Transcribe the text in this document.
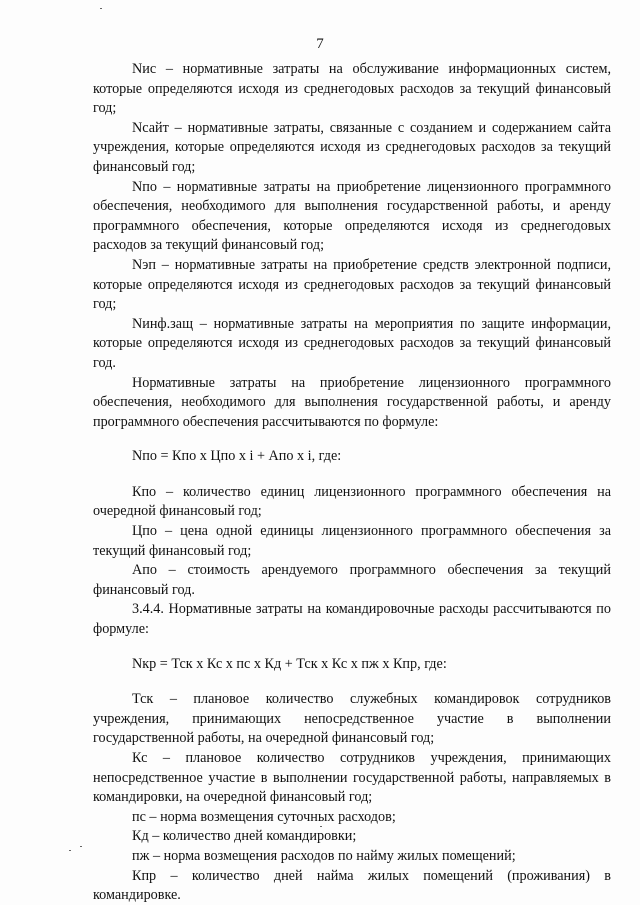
7

Nис – нормативные затраты на обслуживание информационных систем, которые определяются исходя из среднегодовых расходов за текущий финансовый год;

Nсайт – нормативные затраты, связанные с созданием и содержанием сайта учреждения, которые определяются исходя из среднегодовых расходов за текущий финансовый год;

Nпо – нормативные затраты на приобретение лицензионного программного обеспечения, необходимого для выполнения государственной работы, и аренду программного обеспечения, которые определяются исходя из среднегодовых расходов за текущий финансовый год;

Nэп – нормативные затраты на приобретение средств электронной подписи, которые определяются исходя из среднегодовых расходов за текущий финансовый год;

Nинф.защ – нормативные затраты на мероприятия по защите информации, которые определяются исходя из среднегодовых расходов за текущий финансовый год.

Нормативные затраты на приобретение лицензионного программного обеспечения, необходимого для выполнения государственной работы, и аренду программного обеспечения рассчитываются по формуле:

Nпо = Кпо x Цпо x i + Апо x i, где:

Кпо – количество единиц лицензионного программного обеспечения на очередной финансовый год;

Цпо – цена одной единицы лицензионного программного обеспечения за текущий финансовый год;

Апо – стоимость арендуемого программного обеспечения за текущий финансовый год.

3.4.4. Нормативные затраты на командировочные расходы рассчитываются по формуле:

Nкр = Тск x Кс x пс x Кд + Тск x Кс x пж x Кпр, где:

Тск – плановое количество служебных командировок сотрудников учреждения, принимающих непосредственное участие в выполнении государственной работы, на очередной финансовый год;

Кс – плановое количество сотрудников учреждения, принимающих непосредственное участие в выполнении государственной работы, направляемых в командировки, на очередной финансовый год;

пс – норма возмещения суточных расходов;

Кд – количество дней командировки;

пж – норма возмещения расходов по найму жилых помещений;

Кпр – количество дней найма жилых помещений (проживания) в командировке.
